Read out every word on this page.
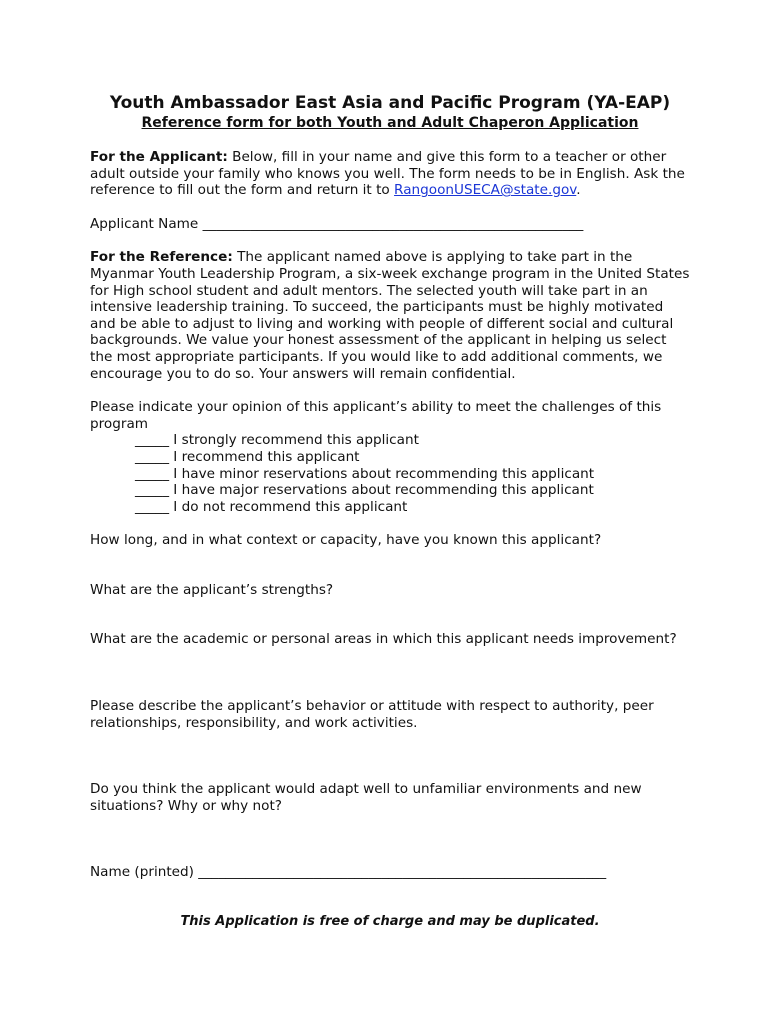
Youth Ambassador East Asia and Pacific Program (YA-EAP)
Reference form for both Youth and Adult Chaperon Application

For the Applicant: Below, fill in your name and give this form to a teacher or other adult outside your family who knows you well. The form needs to be in English. Ask the reference to fill out the form and return it to RangoonUSECA@state.gov.

Applicant Name ________________________________________________________

For the Reference: The applicant named above is applying to take part in the Myanmar Youth Leadership Program, a six-week exchange program in the United States for High school student and adult mentors. The selected youth will take part in an intensive leadership training. To succeed, the participants must be highly motivated and be able to adjust to living and working with people of different social and cultural backgrounds. We value your honest assessment of the applicant in helping us select the most appropriate participants. If you would like to add additional comments, we encourage you to do so. Your answers will remain confidential.

Please indicate your opinion of this applicant’s ability to meet the challenges of this program

_____ I strongly recommend this applicant
_____ I recommend this applicant
_____ I have minor reservations about recommending this applicant
_____ I have major reservations about recommending this applicant
_____ I do not recommend this applicant

How long, and in what context or capacity, have you known this applicant?

What are the applicant’s strengths?

What are the academic or personal areas in which this applicant needs improvement?

Please describe the applicant’s behavior or attitude with respect to authority, peer relationships, responsibility, and work activities.

Do you think the applicant would adapt well to unfamiliar environments and new situations? Why or why not?

Name (printed) ____________________________________________________________

This Application is free of charge and may be duplicated.
